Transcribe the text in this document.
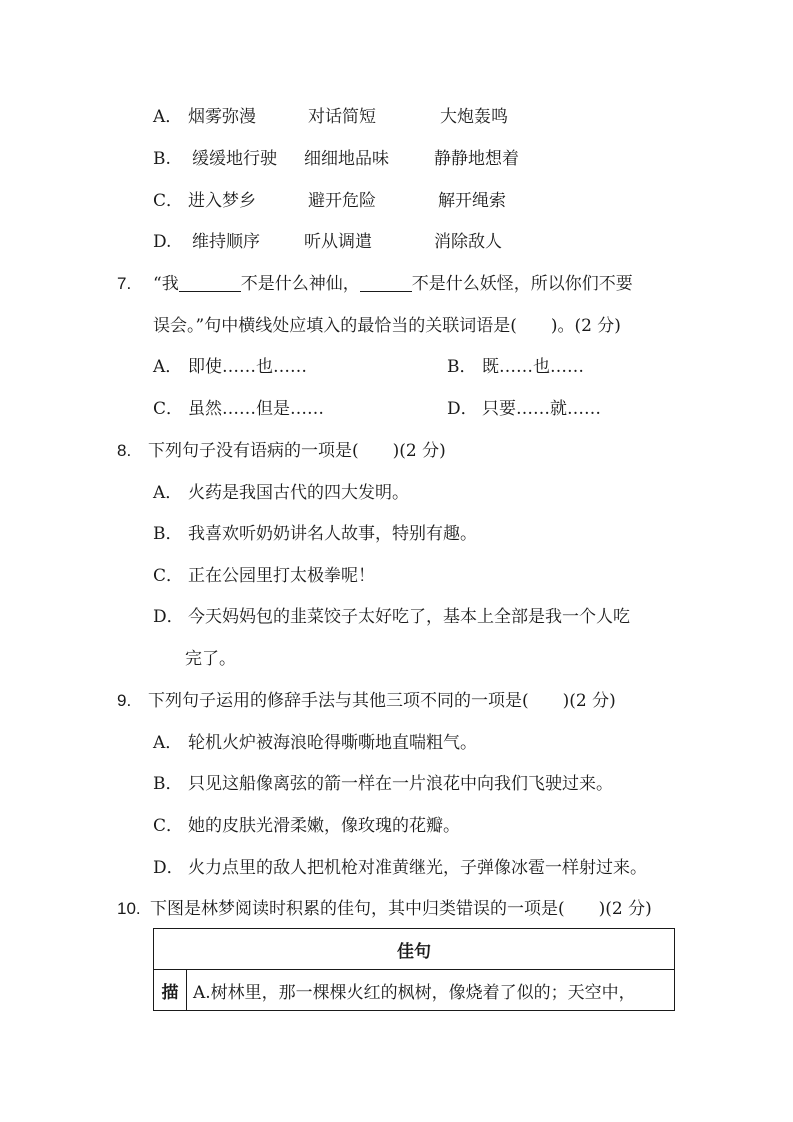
A． 烟雾弥漫	对话简短	大炮轰鸣
B. 缓缓地行驶 细细地品味	静静地想着
C． 进入梦乡	避开危险	解开绳索
D. 维持顺序	听从调遣	消除敌人
7. “我	不是什么神仙，	不是什么妖怪，所以你们不要
误会。”句中横线处应填入的最恰当的关联词语是(　　)。(2 分)
A． 即使……也……	B． 既……也……
C． 虽然……但是……	D． 只要……就……
8. 下列句子没有语病的一项是(　　)(2 分)
A． 火药是我国古代的四大发明。
B． 我喜欢听奶奶讲名人故事，特别有趣。
C． 正在公园里打太极拳呢！
D． 今天妈妈包的韭菜饺子太好吃了，基本上全部是我一个人吃
完了。
9. 下列句子运用的修辞手法与其他三项不同的一项是(　　)(2 分)
A． 轮机火炉被海浪呛得嘶嘶地直喘粗气。
B． 只见这船像离弦的箭一样在一片浪花中向我们飞驶过来。
C． 她的皮肤光滑柔嫩，像玫瑰的花瓣。
D． 火力点里的敌人把机枪对准黄继光，子弹像冰雹一样射过来。
10. 下图是林梦阅读时积累的佳句，其中归类错误的一项是(　　)(2 分)
佳句
描	A.树林里，那一棵棵火红的枫树，像烧着了似的；天空中，
